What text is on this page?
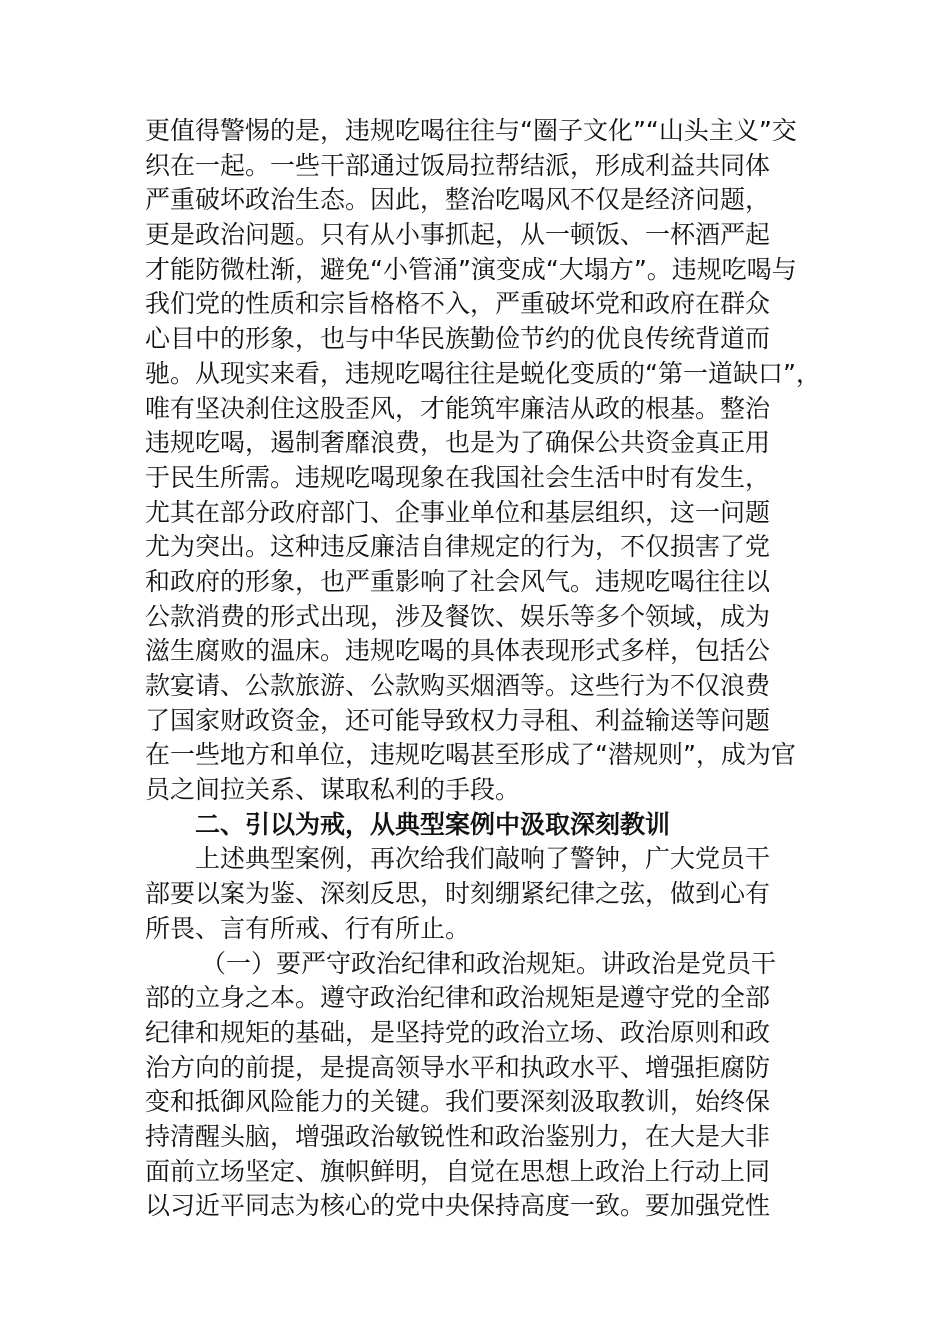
更值得警惕的是，违规吃喝往往与“圈子文化”“山头主义”交
织在一起。一些干部通过饭局拉帮结派，形成利益共同体
严重破坏政治生态。因此，整治吃喝风不仅是经济问题，
更是政治问题。只有从小事抓起，从一顿饭、一杯酒严起
才能防微杜渐，避免“小管涌”演变成“大塌方”。违规吃喝与
我们党的性质和宗旨格格不入，严重破坏党和政府在群众
心目中的形象，也与中华民族勤俭节约的优良传统背道而
驰。从现实来看，违规吃喝往往是蜕化变质的“第一道缺口”，
唯有坚决刹住这股歪风，才能筑牢廉洁从政的根基。整治
违规吃喝，遏制奢靡浪费，也是为了确保公共资金真正用
于民生所需。违规吃喝现象在我国社会生活中时有发生，
尤其在部分政府部门、企事业单位和基层组织，这一问题
尤为突出。这种违反廉洁自律规定的行为，不仅损害了党
和政府的形象，也严重影响了社会风气。违规吃喝往往以
公款消费的形式出现，涉及餐饮、娱乐等多个领域，成为
滋生腐败的温床。违规吃喝的具体表现形式多样，包括公
款宴请、公款旅游、公款购买烟酒等。这些行为不仅浪费
了国家财政资金，还可能导致权力寻租、利益输送等问题
在一些地方和单位，违规吃喝甚至形成了“潜规则”，成为官
员之间拉关系、谋取私利的手段。
二、引以为戒，从典型案例中汲取深刻教训
上述典型案例，再次给我们敲响了警钟，广大党员干
部要以案为鉴、深刻反思，时刻绷紧纪律之弦，做到心有
所畏、言有所戒、行有所止。
（一）要严守政治纪律和政治规矩。讲政治是党员干
部的立身之本。遵守政治纪律和政治规矩是遵守党的全部
纪律和规矩的基础，是坚持党的政治立场、政治原则和政
治方向的前提，是提高领导水平和执政水平、增强拒腐防
变和抵御风险能力的关键。我们要深刻汲取教训，始终保
持清醒头脑，增强政治敏锐性和政治鉴别力，在大是大非
面前立场坚定、旗帜鲜明，自觉在思想上政治上行动上同
以习近平同志为核心的党中央保持高度一致。要加强党性
